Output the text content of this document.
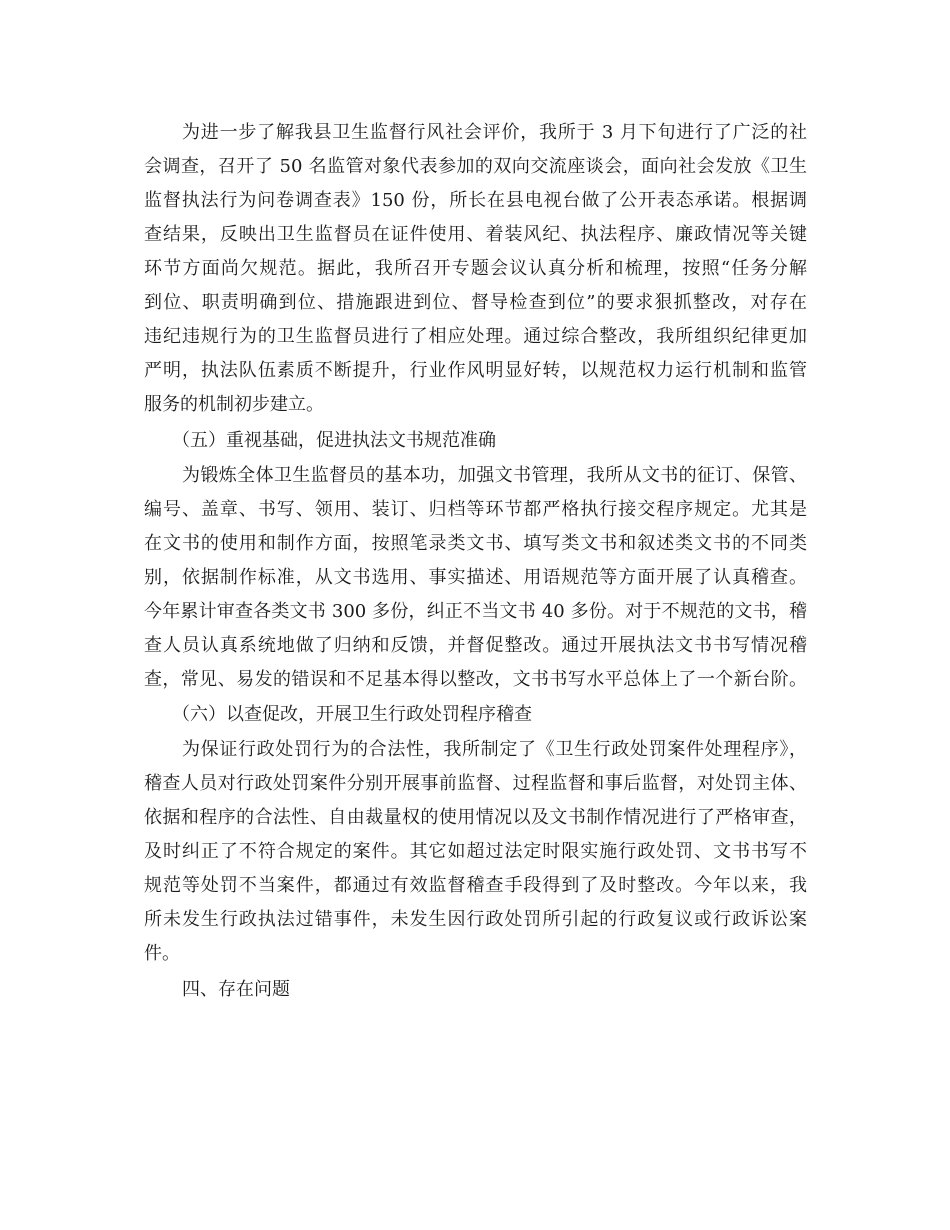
为进一步了解我县卫生监督行风社会评价，我所于 3 月下旬进行了广泛的社
会调查，召开了 50 名监管对象代表参加的双向交流座谈会，面向社会发放《卫生
监督执法行为问卷调查表》150 份，所长在县电视台做了公开表态承诺。根据调
查结果，反映出卫生监督员在证件使用、着装风纪、执法程序、廉政情况等关键
环节方面尚欠规范。据此，我所召开专题会议认真分析和梳理，按照“任务分解
到位、职责明确到位、措施跟进到位、督导检查到位”的要求狠抓整改，对存在
违纪违规行为的卫生监督员进行了相应处理。通过综合整改，我所组织纪律更加
严明，执法队伍素质不断提升，行业作风明显好转，以规范权力运行机制和监管
服务的机制初步建立。
（五）重视基础，促进执法文书规范准确
为锻炼全体卫生监督员的基本功，加强文书管理，我所从文书的征订、保管、
编号、盖章、书写、领用、装订、归档等环节都严格执行接交程序规定。尤其是
在文书的使用和制作方面，按照笔录类文书、填写类文书和叙述类文书的不同类
别，依据制作标准，从文书选用、事实描述、用语规范等方面开展了认真稽查。
今年累计审查各类文书 300 多份，纠正不当文书 40 多份。对于不规范的文书，稽
查人员认真系统地做了归纳和反馈，并督促整改。通过开展执法文书书写情况稽
查，常见、易发的错误和不足基本得以整改，文书书写水平总体上了一个新台阶。
（六）以查促改，开展卫生行政处罚程序稽查
为保证行政处罚行为的合法性，我所制定了《卫生行政处罚案件处理程序》，
稽查人员对行政处罚案件分别开展事前监督、过程监督和事后监督，对处罚主体、
依据和程序的合法性、自由裁量权的使用情况以及文书制作情况进行了严格审查，
及时纠正了不符合规定的案件。其它如超过法定时限实施行政处罚、文书书写不
规范等处罚不当案件，都通过有效监督稽查手段得到了及时整改。今年以来，我
所未发生行政执法过错事件，未发生因行政处罚所引起的行政复议或行政诉讼案
件。
四、存在问题
